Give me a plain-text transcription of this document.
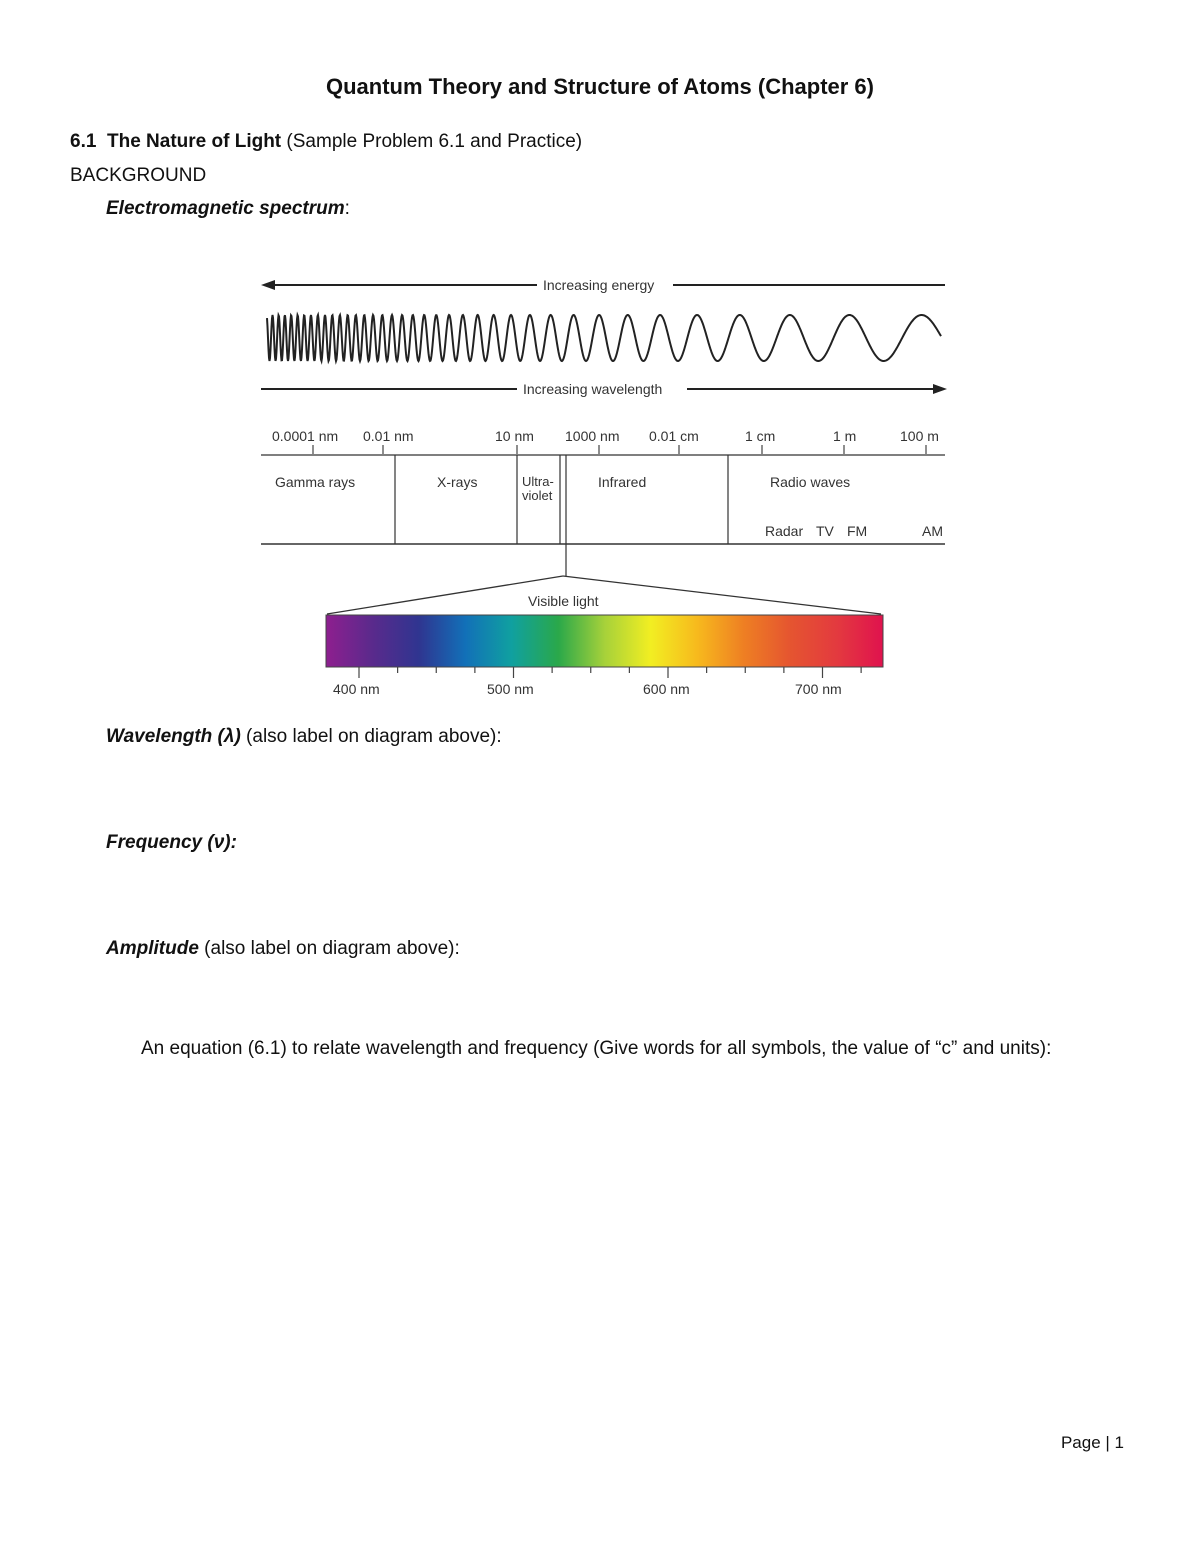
Quantum Theory and Structure of Atoms (Chapter 6)
6.1 The Nature of Light (Sample Problem 6.1 and Practice)
BACKGROUND
Electromagnetic spectrum:
Increasing energy
Increasing wavelength
0.0001 nm 0.01 nm	10 nm 1000 nm 0.01 cm	1 cm	1 m	100 m
Gamma rays	X-rays	Ultra-
violet
Infrared	Radio waves
Radar TV FM	AM
Visible light
400 nm	500 nm	600 nm	700 nm
Wavelength (λ) (also label on diagram above):
Frequency (ν):
Amplitude (also label on diagram above):
An equation (6.1) to relate wavelength and frequency (Give words for all symbols, the value of “c” and units):
Page | 1
